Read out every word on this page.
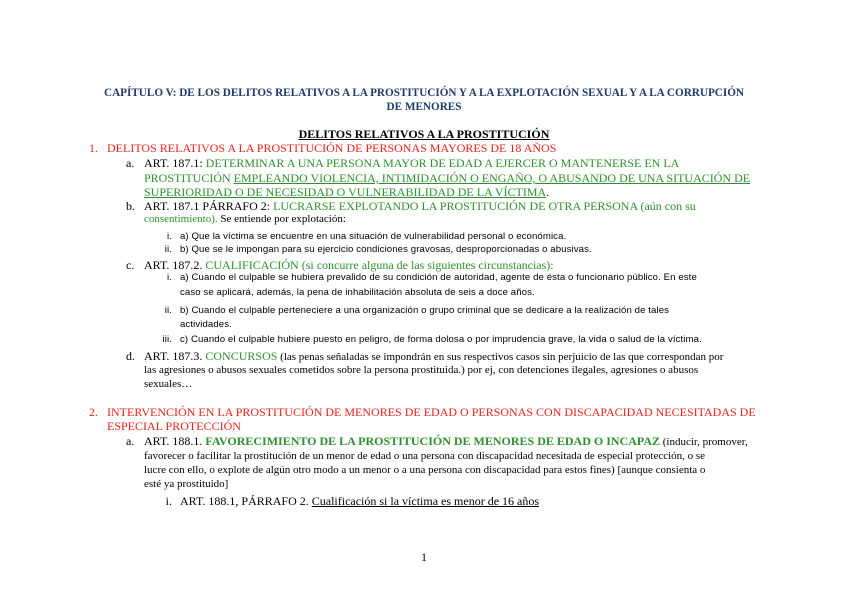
CAPÍTULO V: DE LOS DELITOS RELATIVOS A LA PROSTITUCIÓN Y A LA EXPLOTACIÓN SEXUAL Y A LA CORRUPCIÓN
DE MENORES
DELITOS RELATIVOS A LA PROSTITUCIÓN
1. DELITOS RELATIVOS A LA PROSTITUCIÓN DE PERSONAS MAYORES DE 18 AÑOS
a. ART. 187.1: DETERMINAR A UNA PERSONA MAYOR DE EDAD A EJERCER O MANTENERSE EN LA
PROSTITUCIÓN EMPLEANDO VIOLENCIA, INTIMIDACIÓN O ENGAÑO, O ABUSANDO DE UNA SITUACIÓN DE
SUPERIORIDAD O DE NECESIDAD O VULNERABILIDAD DE LA VÍCTIMA.
b. ART. 187.1 PÁRRAFO 2: LUCRARSE EXPLOTANDO LA PROSTITUCIÓN DE OTRA PERSONA (aún con su
consentimiento). Se entiende por explotación:
i. a) Que la víctima se encuentre en una situación de vulnerabilidad personal o económica.
ii. b) Que se le impongan para su ejercicio condiciones gravosas, desproporcionadas o abusivas.
c. ART. 187.2. CUALIFICACIÓN (si concurre alguna de las siguientes circunstancias):
i. a) Cuando el culpable se hubiera prevalido de su condición de autoridad, agente de ésta o funcionario público. En este
caso se aplicará, además, la pena de inhabilitación absoluta de seis a doce años.
ii. b) Cuando el culpable perteneciere a una organización o grupo criminal que se dedicare a la realización de tales
actividades.
iii. c) Cuando el culpable hubiere puesto en peligro, de forma dolosa o por imprudencia grave, la vida o salud de la víctima.
d. ART. 187.3. CONCURSOS (las penas señaladas se impondrán en sus respectivos casos sin perjuicio de las que correspondan por
las agresiones o abusos sexuales cometidos sobre la persona prostituida.) por ej, con detenciones ilegales, agresiones o abusos
sexuales…
2. INTERVENCIÓN EN LA PROSTITUCIÓN DE MENORES DE EDAD O PERSONAS CON DISCAPACIDAD NECESITADAS DE
ESPECIAL PROTECCIÓN
a. ART. 188.1. FAVORECIMIENTO DE LA PROSTITUCIÓN DE MENORES DE EDAD O INCAPAZ (inducir, promover,
favorecer o facilitar la prostitución de un menor de edad o una persona con discapacidad necesitada de especial protección, o se
lucre con ello, o explote de algún otro modo a un menor o a una persona con discapacidad para estos fines) [aunque consienta o
esté ya prostituido]
i. ART. 188.1, PÁRRAFO 2. Cualificación si la víctima es menor de 16 años
1
